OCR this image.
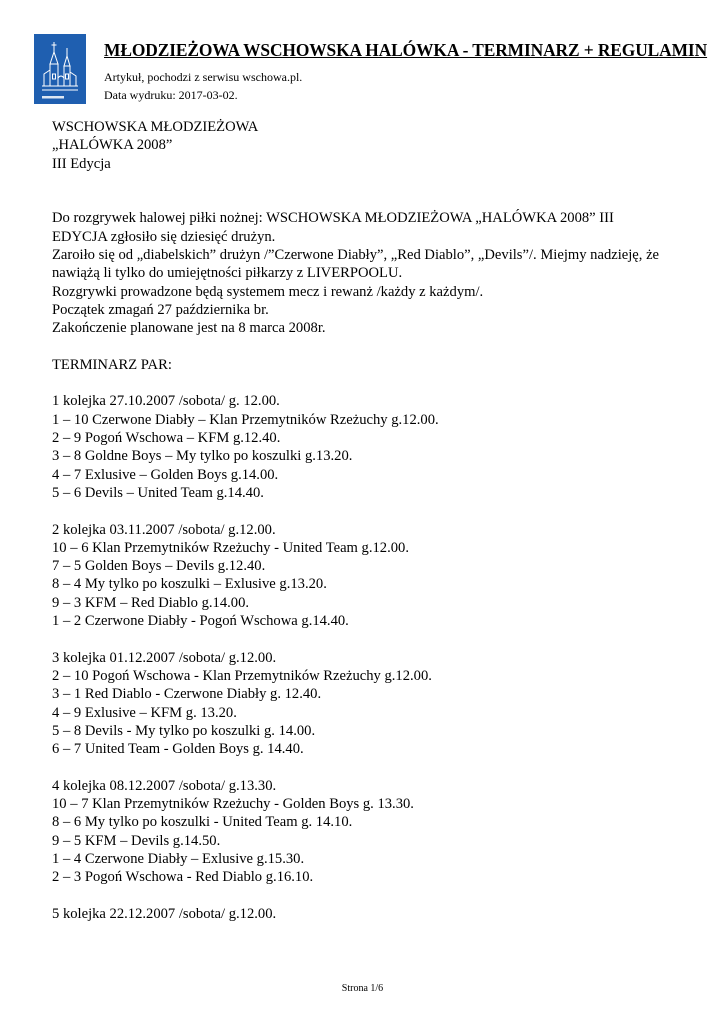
MŁODZIEŻOWA WSCHOWSKA HALÓWKA - TERMINARZ + REGULAMIN
Artykuł, pochodzi z serwisu wschowa.pl.
Data wydruku: 2017-03-02.
WSCHOWSKA MŁODZIEŻOWA
„HALÓWKA 2008”
III Edycja
Do rozgrywek halowej piłki nożnej: WSCHOWSKA MŁODZIEŻOWA „HALÓWKA 2008” III
EDYCJA zgłosiło się dziesięć drużyn.
Zaroiło się od „diabelskich” drużyn /”Czerwone Diabły”, „Red Diablo”, „Devils”/. Miejmy nadzieję, że
nawiążą li tylko do umiejętności piłkarzy z LIVERPOOLU.
Rozgrywki prowadzone będą systemem mecz i rewanż /każdy z każdym/.
Początek zmagań 27 października br.
Zakończenie planowane jest na 8 marca 2008r.
TERMINARZ PAR:
1 kolejka 27.10.2007 /sobota/ g. 12.00.
1 – 10 Czerwone Diabły – Klan Przemytników Rzeżuchy g.12.00.
2 – 9 Pogoń Wschowa – KFM g.12.40.
3 – 8 Goldne Boys – My tylko po koszulki g.13.20.
4 – 7 Exlusive – Golden Boys g.14.00.
5 – 6 Devils – United Team g.14.40.
2 kolejka 03.11.2007 /sobota/ g.12.00.
10 – 6 Klan Przemytników Rzeżuchy - United Team g.12.00.
7 – 5 Golden Boys – Devils g.12.40.
8 – 4 My tylko po koszulki – Exlusive g.13.20.
9 – 3 KFM – Red Diablo g.14.00.
1 – 2 Czerwone Diabły - Pogoń Wschowa g.14.40.
3 kolejka 01.12.2007 /sobota/ g.12.00.
2 – 10 Pogoń Wschowa - Klan Przemytników Rzeżuchy g.12.00.
3 – 1 Red Diablo - Czerwone Diabły g. 12.40.
4 – 9 Exlusive – KFM g. 13.20.
5 – 8 Devils - My tylko po koszulki g. 14.00.
6 – 7 United Team - Golden Boys g. 14.40.
4 kolejka 08.12.2007 /sobota/ g.13.30.
10 – 7 Klan Przemytników Rzeżuchy - Golden Boys g. 13.30.
8 – 6 My tylko po koszulki - United Team g. 14.10.
9 – 5 KFM – Devils g.14.50.
1 – 4 Czerwone Diabły – Exlusive g.15.30.
2 – 3 Pogoń Wschowa - Red Diablo g.16.10.
5 kolejka 22.12.2007 /sobota/ g.12.00.
Strona 1/6
